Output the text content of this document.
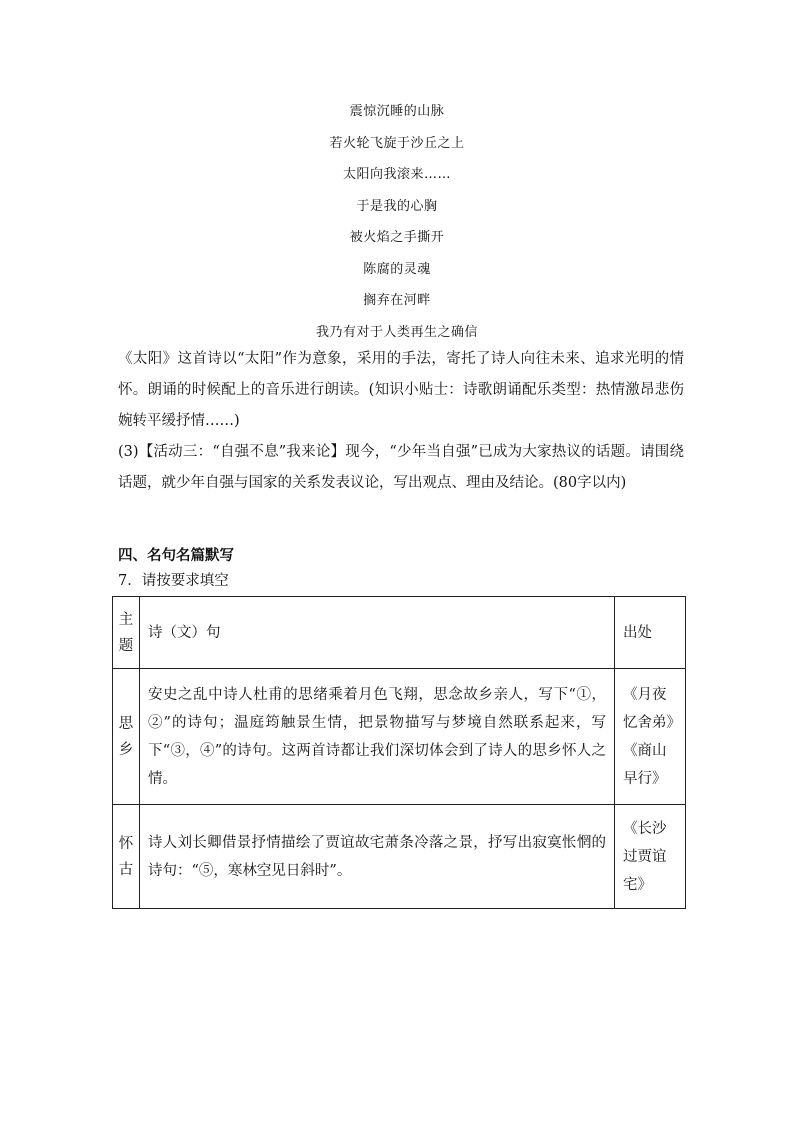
震惊沉睡的山脉
若火轮飞旋于沙丘之上
太阳向我滚来……
于是我的心胸
被火焰之手撕开
陈腐的灵魂
搁弃在河畔
我乃有对于人类再生之确信
《太阳》这首诗以“太阳”作为意象，采用的手法，寄托了诗人向往未来、追求光明的情怀。朗诵的时候配上的音乐进行朗读。(知识小贴士：诗歌朗诵配乐类型：热情激昂悲伤婉转平缓抒情……)
(3)【活动三：“自强不息”我来论】现今，“少年当自强”已成为大家热议的话题。请围绕话题，就少年自强与国家的关系发表议论，写出观点、理由及结论。(80字以内)
四、名句名篇默写
7．请按要求填空
主
题	诗（文）句	出处

思
乡	安史之乱中诗人杜甫的思绪乘着月色飞翔，思念故乡亲人，写下“①，②”的诗句；温庭筠触景生情，把景物描写与梦境自然联系起来，写下“③，④”的诗句。这两首诗都让我们深切体会到了诗人的思乡怀人之情。	《月夜
忆舍弟》
《商山
早行》

怀
古	诗人刘长卿借景抒情描绘了贾谊故宅萧条冷落之景，抒写出寂寞怅惘的诗句：“⑤，寒林空见日斜时”。	《长沙
过贾谊
宅》
